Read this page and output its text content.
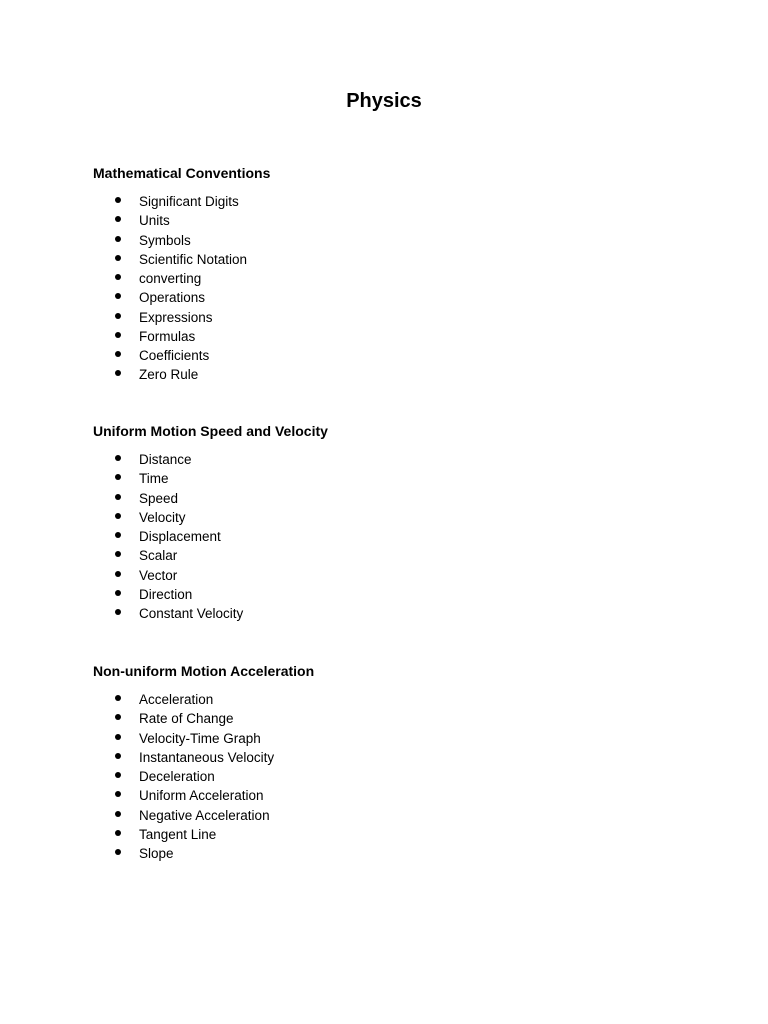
Physics
Mathematical Conventions
Significant Digits
Units
Symbols
Scientific Notation
converting
Operations
Expressions
Formulas
Coefficients
Zero Rule
Uniform Motion Speed and Velocity
Distance
Time
Speed
Velocity
Displacement
Scalar
Vector
Direction
Constant Velocity
Non-uniform Motion Acceleration
Acceleration
Rate of Change
Velocity-Time Graph
Instantaneous Velocity
Deceleration
Uniform Acceleration
Negative Acceleration
Tangent Line
Slope
